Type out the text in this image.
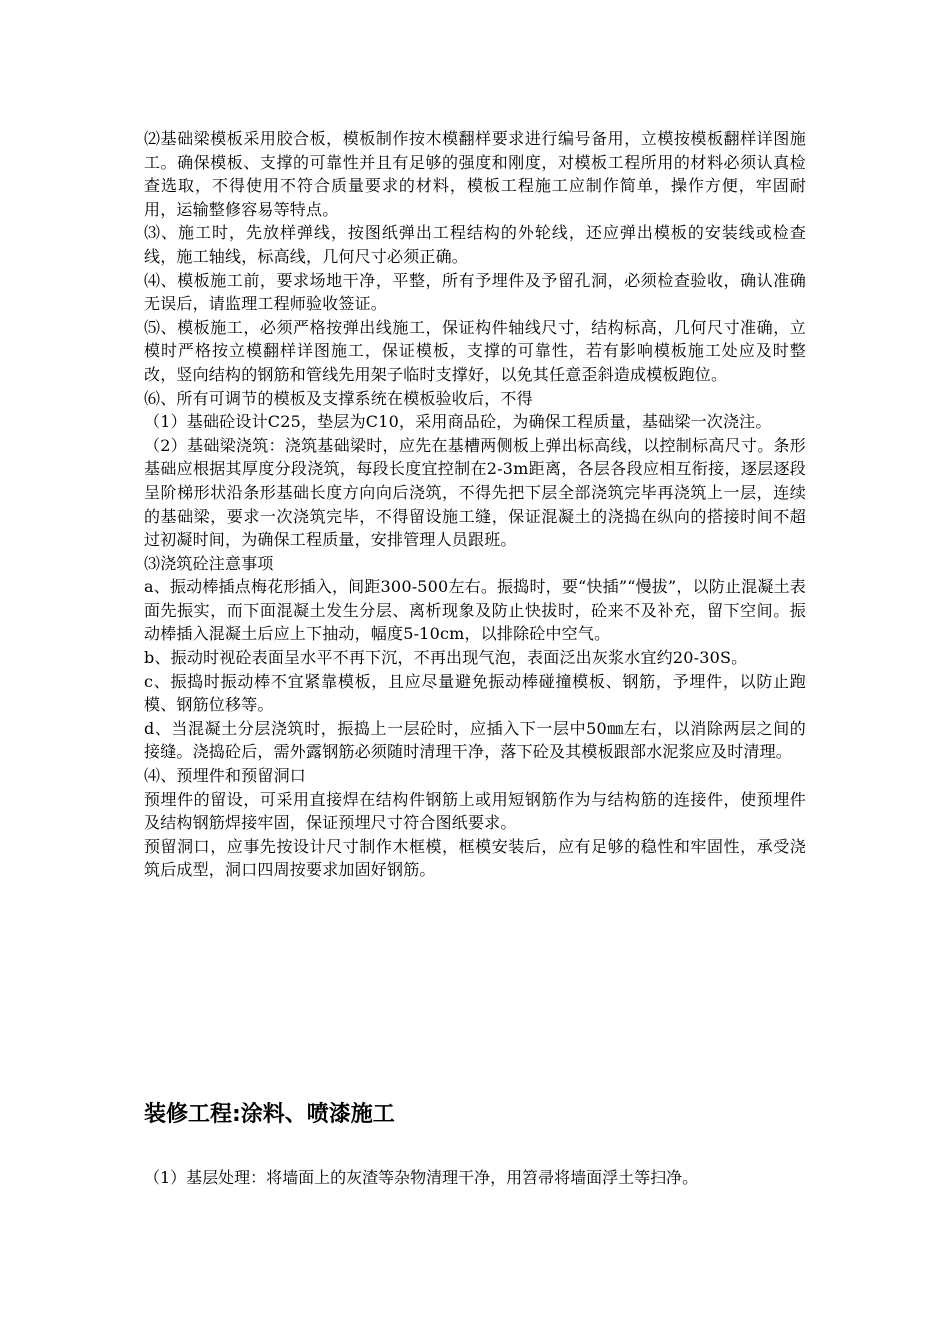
⑵基础梁模板采用胶合板，模板制作按木模翻样要求进行编号备用，立模按模板翻样详图施工。确保模板、支撑的可靠性并且有足够的强度和刚度，对模板工程所用的材料必须认真检查选取，不得使用不符合质量要求的材料，模板工程施工应制作简单，操作方便，牢固耐用，运输整修容易等特点。

⑶、施工时，先放样弹线，按图纸弹出工程结构的外轮线，还应弹出模板的安装线或检查线，施工轴线，标高线，几何尺寸必须正确。

⑷、模板施工前，要求场地干净，平整，所有予埋件及予留孔洞，必须检查验收，确认准确无误后，请监理工程师验收签证。

⑸、模板施工，必须严格按弹出线施工，保证构件轴线尺寸，结构标高，几何尺寸准确，立模时严格按立模翻样详图施工，保证模板，支撑的可靠性，若有影响模板施工处应及时整改，竖向结构的钢筋和管线先用架子临时支撑好，以免其任意歪斜造成模板跑位。

⑹、所有可调节的模板及支撑系统在模板验收后，不得

（1）基础砼设计C25，垫层为C10，采用商品砼，为确保工程质量，基础梁一次浇注。

（2）基础梁浇筑：浇筑基础梁时，应先在基槽两侧板上弹出标高线，以控制标高尺寸。条形基础应根据其厚度分段浇筑，每段长度宜控制在2-3m距离，各层各段应相互衔接，逐层逐段呈阶梯形状沿条形基础长度方向向后浇筑，不得先把下层全部浇筑完毕再浇筑上一层，连续的基础梁，要求一次浇筑完毕，不得留设施工缝，保证混凝土的浇捣在纵向的搭接时间不超过初凝时间，为确保工程质量，安排管理人员跟班。

⑶浇筑砼注意事项

a、振动棒插点梅花形插入，间距300-500左右。振捣时，要“快插”“慢拔”，以防止混凝土表面先振实，而下面混凝土发生分层、离析现象及防止快拔时，砼来不及补充，留下空间。振动棒插入混凝土后应上下抽动，幅度5-10cm，以排除砼中空气。

b、振动时视砼表面呈水平不再下沉，不再出现气泡，表面泛出灰浆水宜约20-30S。

c、振捣时振动棒不宜紧靠模板，且应尽量避免振动棒碰撞模板、钢筋，予埋件，以防止跑模、钢筋位移等。

d、当混凝土分层浇筑时，振捣上一层砼时，应插入下一层中50㎜左右，以消除两层之间的接缝。浇捣砼后，需外露钢筋必须随时清理干净，落下砼及其模板跟部水泥浆应及时清理。

⑷、预埋件和预留洞口

预埋件的留设，可采用直接焊在结构件钢筋上或用短钢筋作为与结构筋的连接件，使预埋件及结构钢筋焊接牢固，保证预埋尺寸符合图纸要求。

预留洞口，应事先按设计尺寸制作木框模，框模安装后，应有足够的稳性和牢固性，承受浇筑后成型，洞口四周按要求加固好钢筋。

装修工程:涂料、喷漆施工

（1）基层处理：将墙面上的灰渣等杂物清理干净，用笤帚将墙面浮土等扫净。
